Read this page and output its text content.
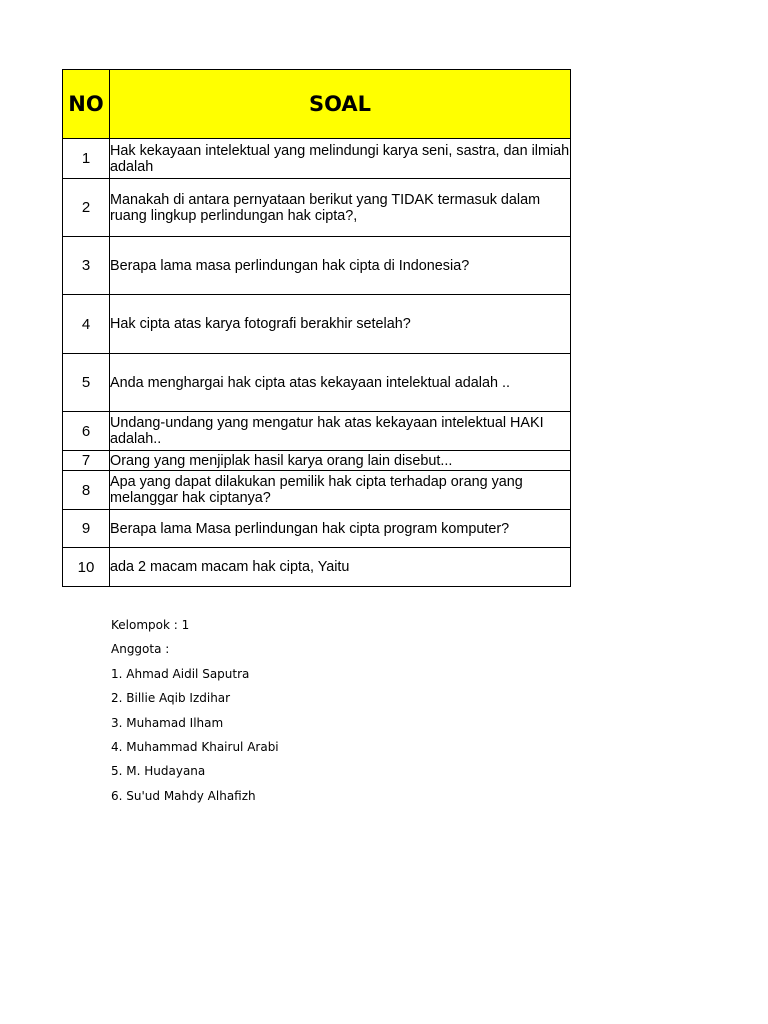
NO	SOAL
1	Hak kekayaan intelektual yang melindungi karya seni, sastra, dan ilmiah adalah
2	Manakah di antara pernyataan berikut yang TIDAK termasuk dalam ruang lingkup perlindungan hak cipta?,
3	Berapa lama masa perlindungan hak cipta di Indonesia?
4	Hak cipta atas karya fotografi berakhir setelah?
5	Anda menghargai hak cipta atas kekayaan intelektual adalah ..
6	Undang-undang yang mengatur hak atas kekayaan intelektual HAKI adalah..
7	Orang yang menjiplak hasil karya orang lain disebut...
8	Apa yang dapat dilakukan pemilik hak cipta terhadap orang yang melanggar hak ciptanya?
9	Berapa lama Masa perlindungan hak cipta program komputer?
10	ada 2 macam macam hak cipta, Yaitu
Kelompok : 1
Anggota :
1. Ahmad Aidil Saputra
2. Billie Aqib Izdihar
3. Muhamad Ilham
4. Muhammad Khairul Arabi
5. M. Hudayana
6. Su'ud Mahdy Alhafizh
